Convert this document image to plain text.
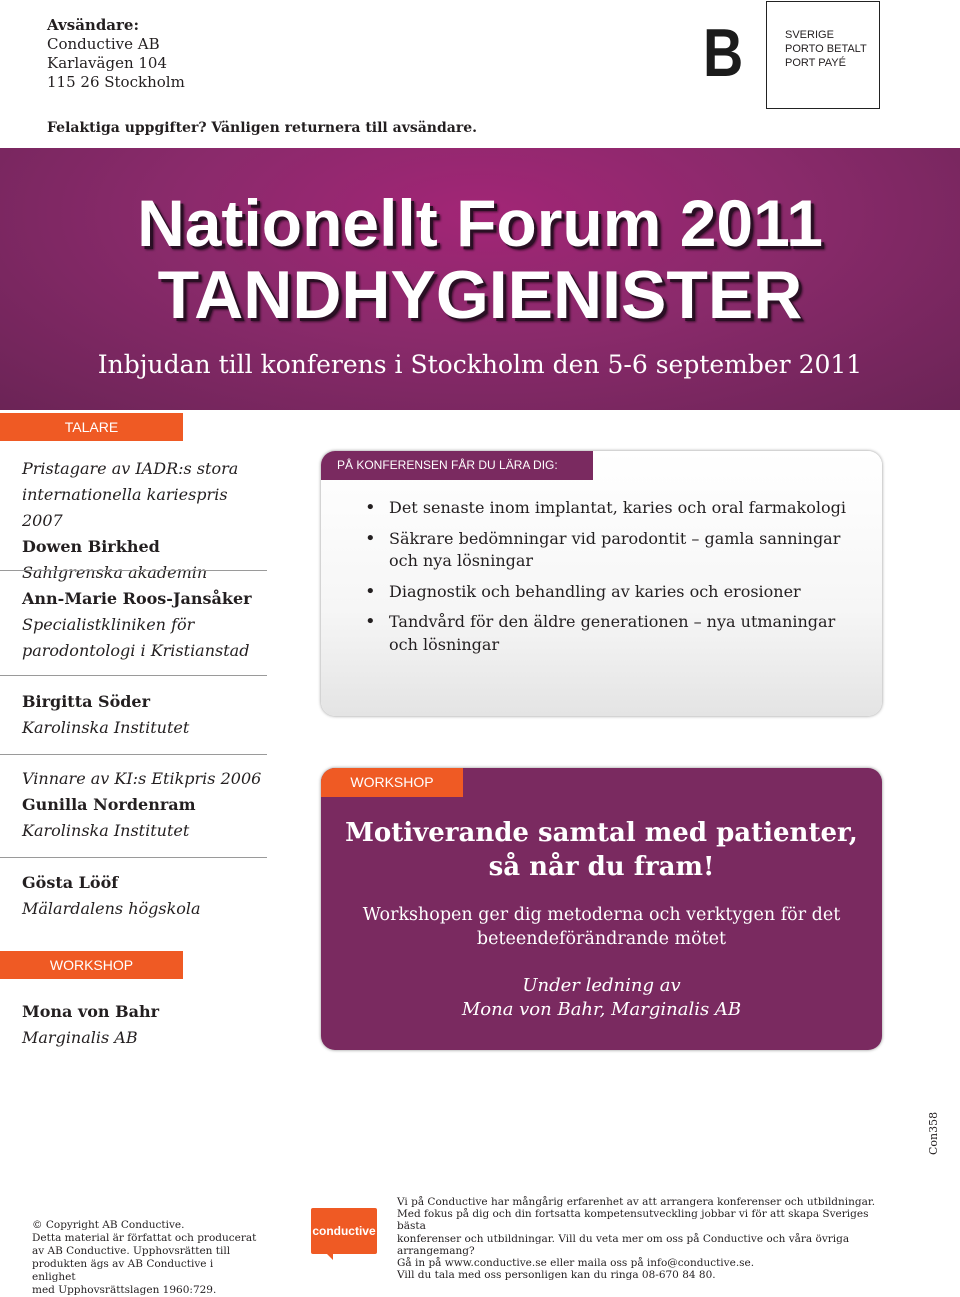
Avsändare:
Conductive AB
Karlavägen 104
115 26 Stockholm
Felaktiga uppgifter? Vänligen returnera till avsändare.
B	SVERIGE
PORTO BETALT
PORT PAYÉ
Nationellt Forum 2011
TANDHYGIENISTER
Inbjudan till konferens i Stockholm den 5-6 september 2011
TALARE
Pristagare av IADR:s stora
internationella kariespris 2007
Dowen Birkhed
Sahlgrenska akademin
Ann-Marie Roos-Jansåker
Specialistkliniken för
parodontologi i Kristianstad
Birgitta Söder
Karolinska Institutet
Vinnare av KI:s Etikpris 2006
Gunilla Nordenram
Karolinska Institutet
Gösta Lööf
Mälardalens högskola
WORKSHOP
Mona von Bahr
Marginalis AB
• Det senaste inom implantat, karies och oral farmakologi
• Säkrare bedömningar vid parodontit – gamla sanningar och nya lösningar
• Diagnostik och behandling av karies och erosioner
• Tandvård för den äldre generationen – nya utmaningar och lösningar
PÅ KONFERENSEN FÅR DU LÄRA DIG:
WORKSHOP
Motiverande samtal med patienter,
så når du fram!
Workshopen ger dig metoderna och verktygen för det
beteendeförändrande mötet
Under ledning av
Mona von Bahr, Marginalis AB
© Copyright AB Conductive.
Detta material är författat och producerat
av AB Conductive. Upphovsrätten till
produkten ägs av AB Conductive i enlighet
med Upphovsrättslagen 1960:729.
conductive
Vi på Conductive har mångårig erfarenhet av att arrangera konferenser och utbildningar.
Med fokus på dig och din fortsatta kompetensutveckling jobbar vi för att skapa Sveriges bästa
konferenser och utbildningar. Vill du veta mer om oss på Conductive och våra övriga arrangemang?
Gå in på www.conductive.se eller maila oss på info@conductive.se.
Vill du tala med oss personligen kan du ringa 08-670 84 80.
Con358
